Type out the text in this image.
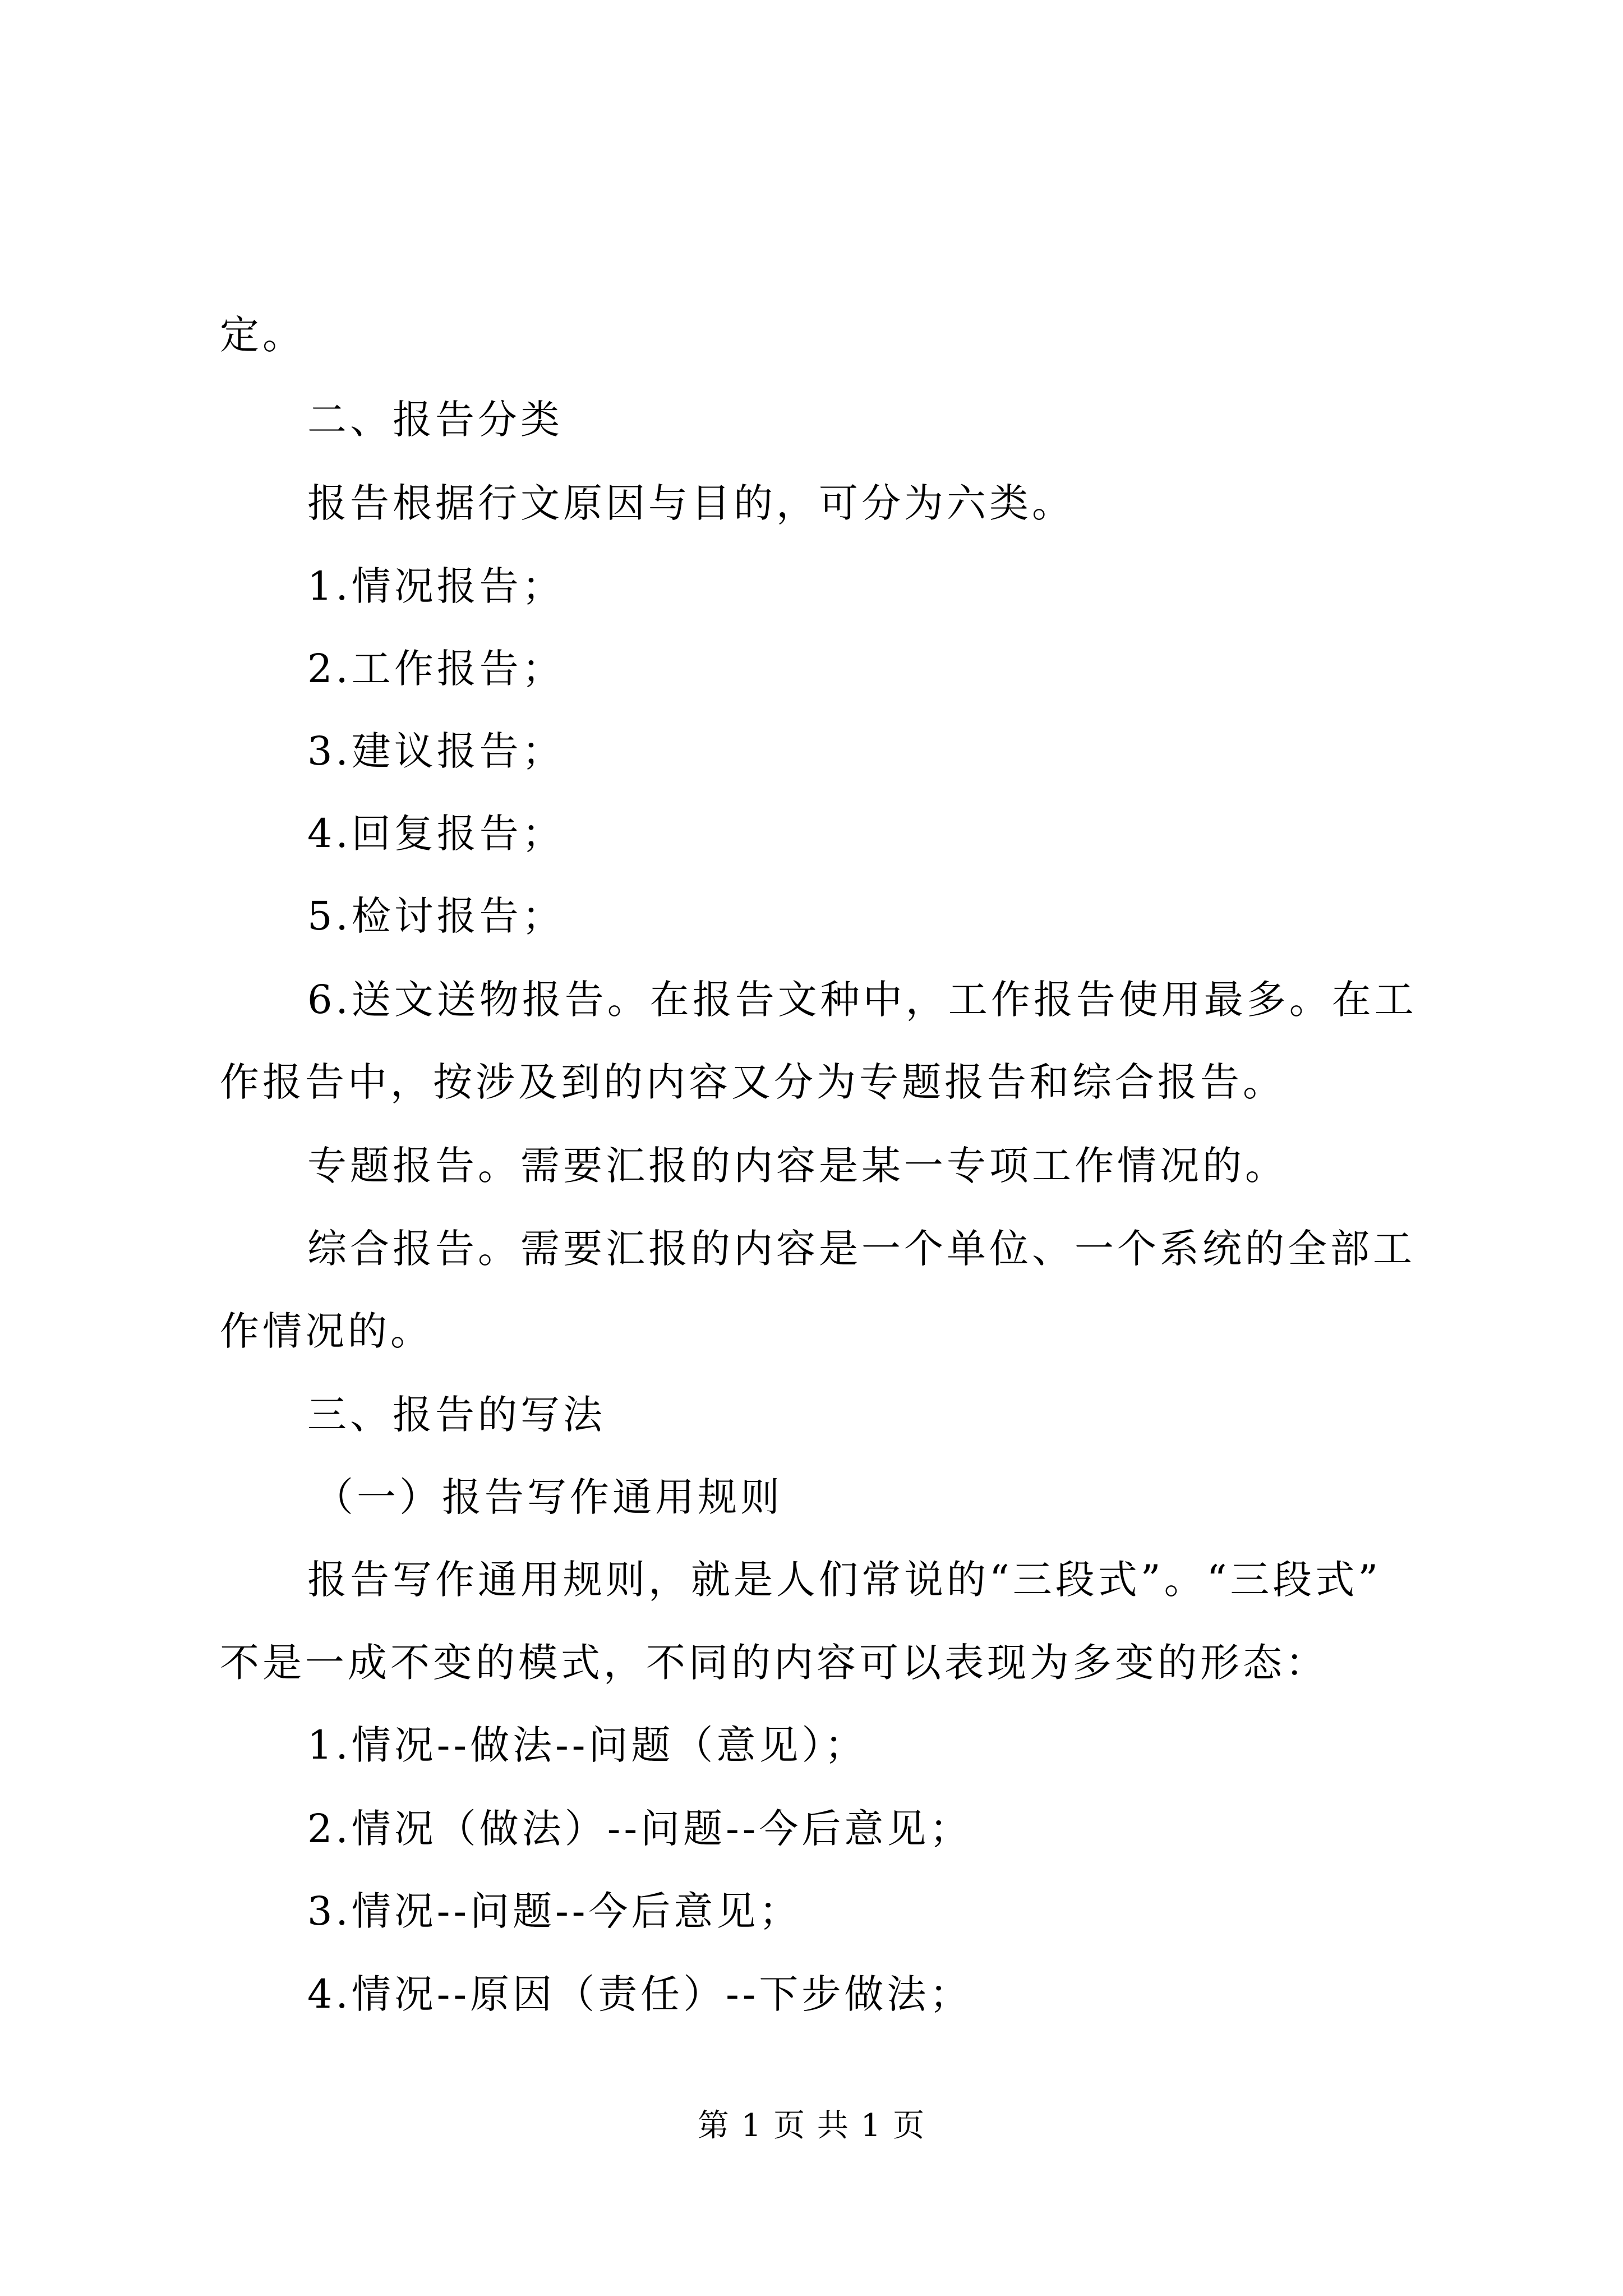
定。
二、报告分类
报告根据行文原因与目的，可分为六类。
1.情况报告；
2.工作报告；
3.建议报告；
4.回复报告；
5.检讨报告；
6.送文送物报告。在报告文种中，工作报告使用最多。在工
作报告中，按涉及到的内容又分为专题报告和综合报告。
专题报告。需要汇报的内容是某一专项工作情况的。
综合报告。需要汇报的内容是一个单位、一个系统的全部工
作情况的。
三、报告的写法
（一）报告写作通用规则
报告写作通用规则，就是人们常说的“三段式”。“三段式”
不是一成不变的模式，不同的内容可以表现为多变的形态：
1.情况--做法--问题（意见）；
2.情况（做法）--问题--今后意见；
3.情况--问题--今后意见；
4.情况--原因（责任）--下步做法；
第 1 页 共 1 页
